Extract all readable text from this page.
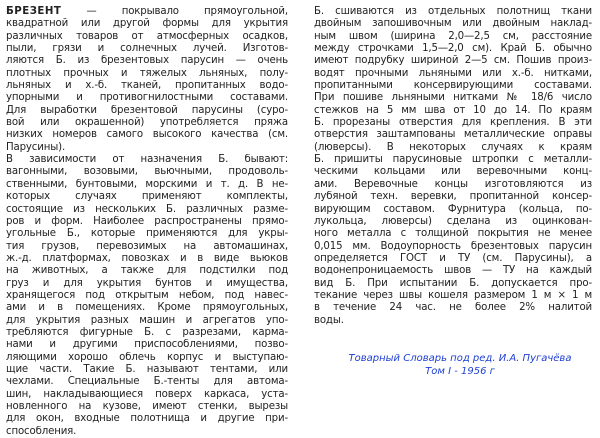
БРЕЗЕНТ — покрывало прямоугольной,
квадратной или другой формы для укрытия
различных товаров от атмосферных осадков,
пыли, грязи и солнечных лучей. Изготов-
ляются Б. из брезентовых парусин — очень
плотных прочных и тяжелых льняных, полу-
льняных и х.-б. тканей, пропитанных водо-
упорными и противогнилостными составами.
Для выработки брезентовой парусины (суро-
вой или окрашенной) употребляется пряжа
низких номеров самого высокого качества (см.
Парусины).
В зависимости от назначения Б. бывают:
вагонными, возовыми, вьючными, продоволь-
ственными, бунтовыми, морскими и т. д. В не-
которых случаях применяют комплекты,
состоящие из нескольких Б. различных разме-
ров и форм. Наиболее распространены прямо-
угольные Б., которые применяются для укры-
тия грузов, перевозимых на автомашинах,
ж.-д. платформах, повозках и в виде вьюков
на животных, а также для подстилки под
груз и для укрытия бунтов и имущества,
хранящегося под открытым небом, под навес-
ами и в помещениях. Кроме прямоугольных,
для укрытия разных машин и агрегатов упо-
требляются фигурные Б. с разрезами, карма-
нами и другими приспособлениями, позво-
ляющими хорошо облечь корпус и выступаю-
щие части. Такие Б. называют тентами, или
чехлами. Специальные Б.-тенты для автома-
шин, накладывающиеся поверх каркаса, уста-
новленного на кузове, имеют стенки, вырезы
для окон, входные полотнища и другие при-
способления.
Б. сшиваются из отдельных полотнищ ткани
двойным запошивочным или двойным наклад-
ным швом (ширина 2,0—2,5 см, расстояние
между строчками 1,5—2,0 см). Край Б. обычно
имеют подрубку шириной 2—5 см. Пошив произ-
водят прочными льняными или х.-б. нитками,
пропитанными консервирующими составами.
При пошиве льняными нитками № 18/6 число
стежков на 5 мм шва от 10 до 14. По краям
Б. прорезаны отверстия для крепления. В эти
отверстия заштампованы металлические оправы
(люверсы). В некоторых случаях к краям
Б. пришиты парусиновые штропки с металли-
ческими кольцами или веревочными конц-
ами. Веревочные концы изготовляются из
лубяной техн. веревки, пропитанной консер-
вирующим составом. Фурнитура (кольца, по-
лукольца, люверсы) сделана из оцинкован-
ного металла с толщиной покрытия не менее
0,015 мм. Водоупорность брезентовых парусин
определяется ГОСТ и ТУ (см. Парусины), а
водонепроницаемость швов — ТУ на каждый
вид Б. При испытании Б. допускается про-
текание через швы кошеля размером 1 м × 1 м
в течение 24 час. не более 2% налитой
воды.
Товарный Словарь под ред. И.А. Пугачёва
Том I - 1956 г
